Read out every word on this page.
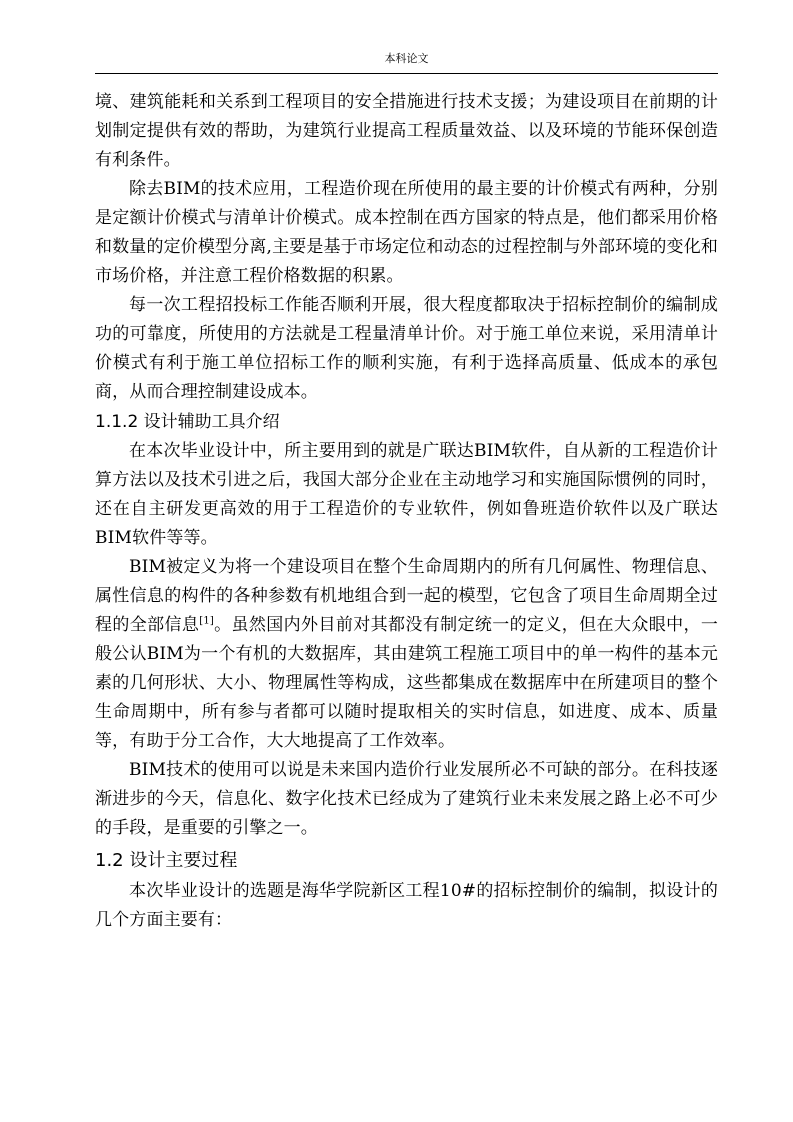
本科论文

境、建筑能耗和关系到工程项目的安全措施进行技术支援；为建设项目在前期的计划制定提供有效的帮助，为建筑行业提高工程质量效益、以及环境的节能环保创造有利条件。

除去BIM的技术应用，工程造价现在所使用的最主要的计价模式有两种，分别是定额计价模式与清单计价模式。成本控制在西方国家的特点是，他们都采用价格和数量的定价模型分离,主要是基于市场定位和动态的过程控制与外部环境的变化和市场价格，并注意工程价格数据的积累。

每一次工程招投标工作能否顺利开展，很大程度都取决于招标控制价的编制成功的可靠度，所使用的方法就是工程量清单计价。对于施工单位来说，采用清单计价模式有利于施工单位招标工作的顺利实施，有利于选择高质量、低成本的承包商，从而合理控制建设成本。

1.1.2 设计辅助工具介绍

在本次毕业设计中，所主要用到的就是广联达BIM软件，自从新的工程造价计算方法以及技术引进之后，我国大部分企业在主动地学习和实施国际惯例的同时，还在自主研发更高效的用于工程造价的专业软件，例如鲁班造价软件以及广联达BIM软件等等。

BIM被定义为将一个建设项目在整个生命周期内的所有几何属性、物理信息、属性信息的构件的各种参数有机地组合到一起的模型，它包含了项目生命周期全过程的全部信息[1]。虽然国内外目前对其都没有制定统一的定义，但在大众眼中，一般公认BIM为一个有机的大数据库，其由建筑工程施工项目中的单一构件的基本元素的几何形状、大小、物理属性等构成，这些都集成在数据库中在所建项目的整个生命周期中，所有参与者都可以随时提取相关的实时信息，如进度、成本、质量等，有助于分工合作，大大地提高了工作效率。

BIM技术的使用可以说是未来国内造价行业发展所必不可缺的部分。在科技逐渐进步的今天，信息化、数字化技术已经成为了建筑行业未来发展之路上必不可少的手段，是重要的引擎之一。

1.2 设计主要过程

本次毕业设计的选题是海华学院新区工程10#的招标控制价的编制，拟设计的几个方面主要有：
